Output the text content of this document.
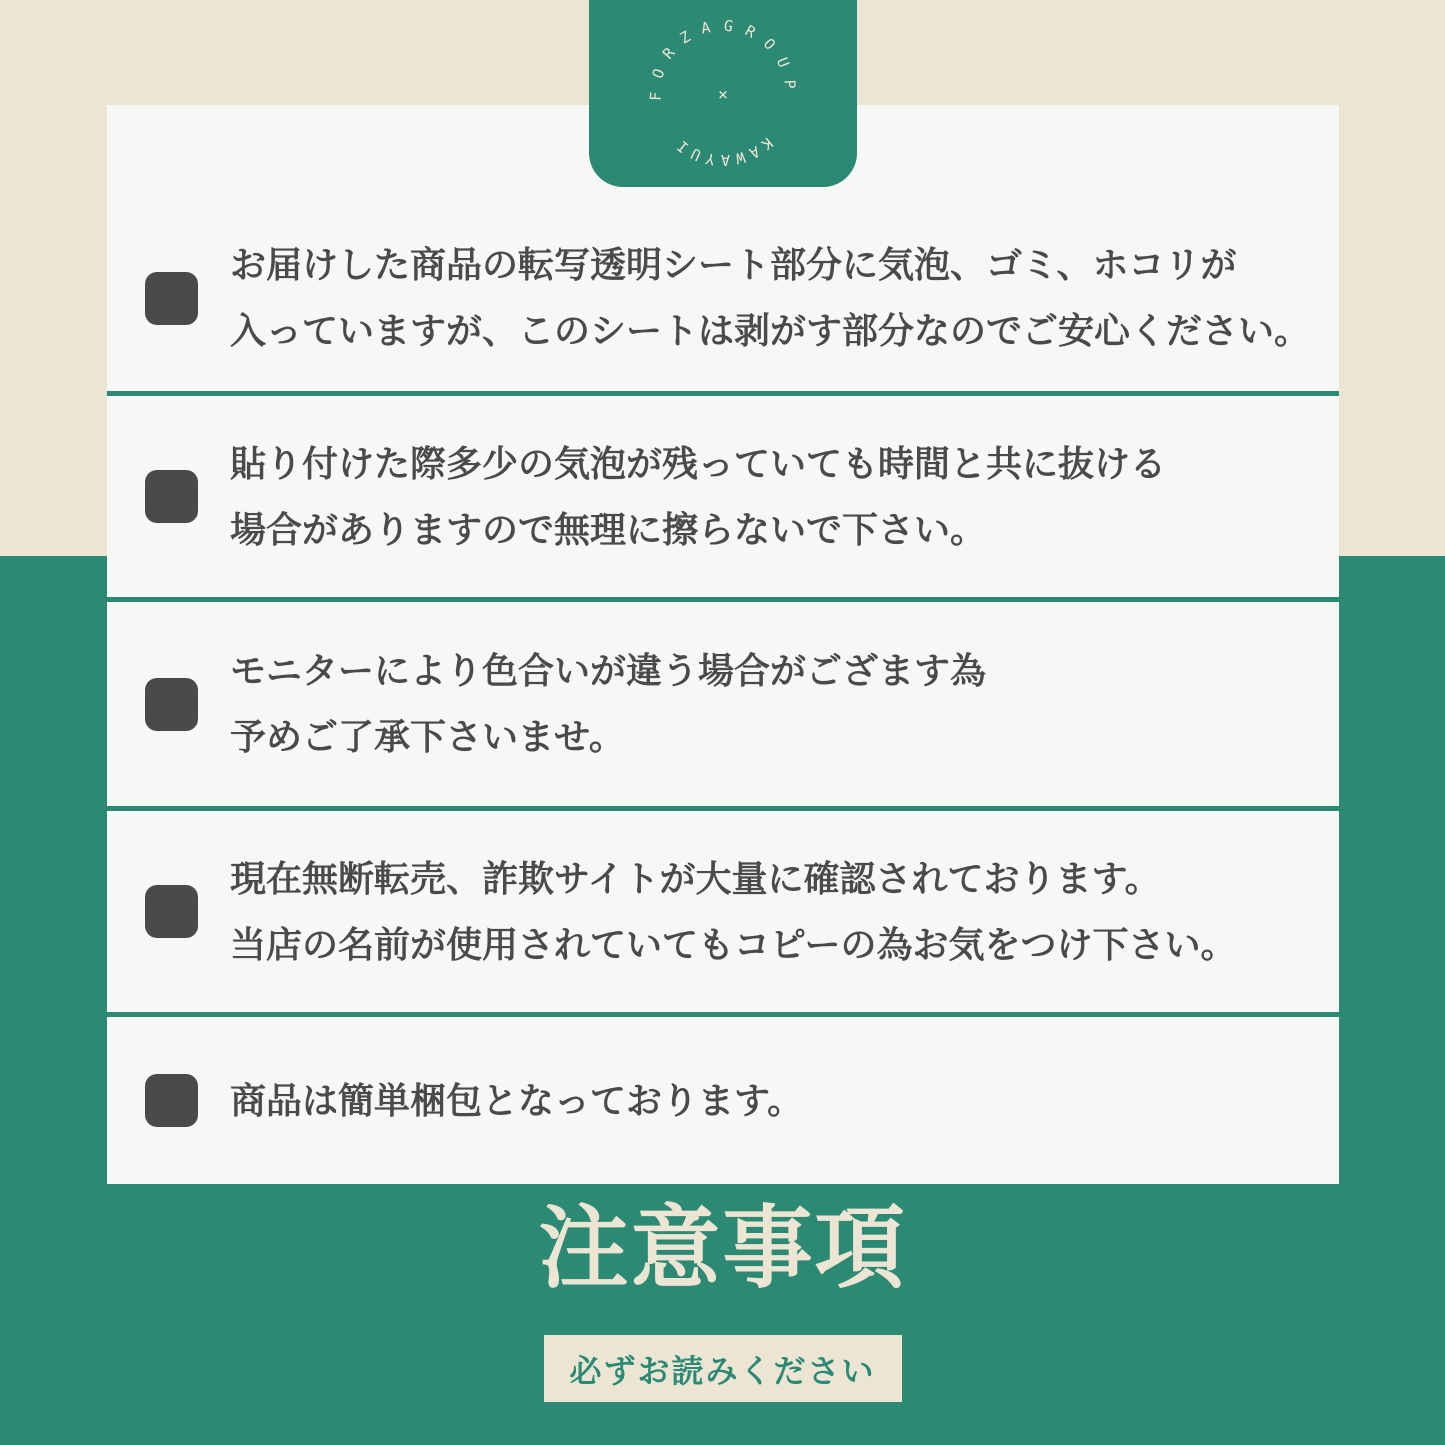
お届けした商品の転写透明シート部分に気泡、ゴミ、ホコリが
入っていますが、このシートは剥がす部分なのでご安心ください。

貼り付けた際多少の気泡が残っていても時間と共に抜ける
場合がありますので無理に擦らないで下さい。

モニターにより色合いが違う場合がござます為
予めご了承下さいませ。

現在無断転売、詐欺サイトが大量に確認されております。
当店の名前が使用されていてもコピーの為お気をつけ下さい。

商品は簡単梱包となっております。

FORZAGROUP
KAWAYUI
×
注意事項
必ずお読みください
